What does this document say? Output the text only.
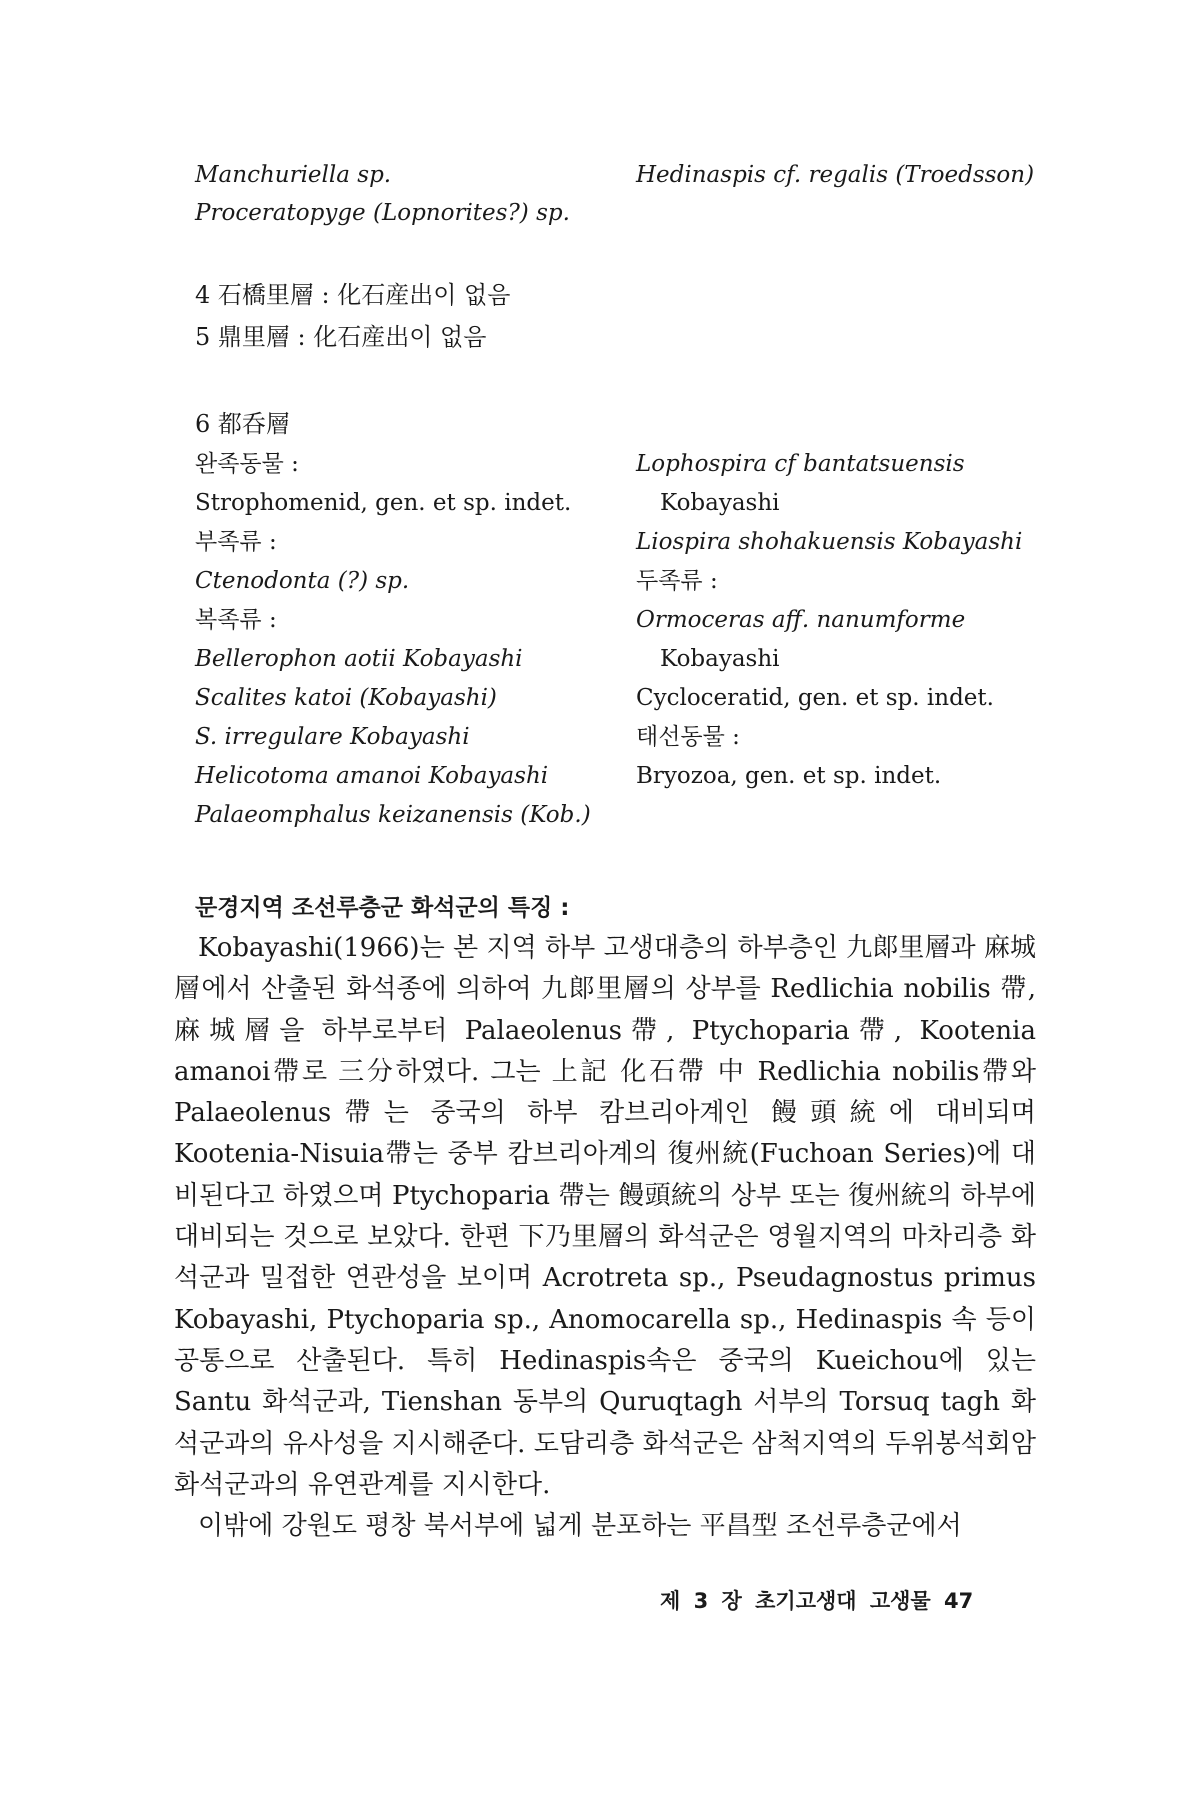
Manchuriella sp.
Proceratopyge (Lopnorites?) sp.
Hedinaspis cf. regalis (Troedsson)
4 石橋里層 : 化石産出이 없음
5 鼎里層 : 化石産出이 없음
6 都呑層
완족동물 :
Strophomenid, gen. et sp. indet.
부족류 :
Ctenodonta (?) sp.
복족류 :
Bellerophon aotii Kobayashi
Scalites katoi (Kobayashi)
S. irregulare Kobayashi
Helicotoma amanoi Kobayashi
Palaeomphalus keizanensis (Kob.)
Lophospira cf bantatsuensis
Kobayashi
Liospira shohakuensis Kobayashi
두족류 :
Ormoceras aff. nanumforme
Kobayashi
Cycloceratid, gen. et sp. indet.
태선동물 :
Bryozoa, gen. et sp. indet.
문경지역 조선루층군 화석군의 특징 :
Kobayashi(1966)는 본 지역 하부 고생대층의 하부층인 九郞里層과 麻城層에서 산출된 화석종에 의하여 九郞里層의 상부를 Redlichia nobilis 帶, 麻城層을 하부로부터 Palaeolenus帶, Ptychoparia帶, Kootenia amanoi帶로 三分하였다. 그는 上記 化石帶 中 Redlichia nobilis帶와 Palaeolenus帶는 중국의 하부 캄브리아계인 饅頭統에 대비되며 Kootenia-Nisuia帶는 중부 캄브리아계의 復州統(Fuchoan Series)에 대비된다고 하였으며 Ptychoparia 帶는 饅頭統의 상부 또는 復州統의 하부에 대비되는 것으로 보았다. 한편 下乃里層의 화석군은 영월지역의 마차리층 화석군과 밀접한 연관성을 보이며 Acrotreta sp., Pseudagnostus primus Kobayashi, Ptychoparia sp., Anomocarella sp., Hedinaspis 속 등이 공통으로 산출된다. 특히 Hedinaspis속은 중국의 Kueichou에 있는 Santu 화석군과, Tienshan 동부의 Quruqtagh 서부의 Torsuq tagh 화석군과의 유사성을 지시해준다. 도담리층 화석군은 삼척지역의 두위봉석회암 화석군과의 유연관계를 지시한다.
이밖에 강원도 평창 북서부에 넓게 분포하는 平昌型 조선루층군에서
제 3 장 초기고생대 고생물 47
